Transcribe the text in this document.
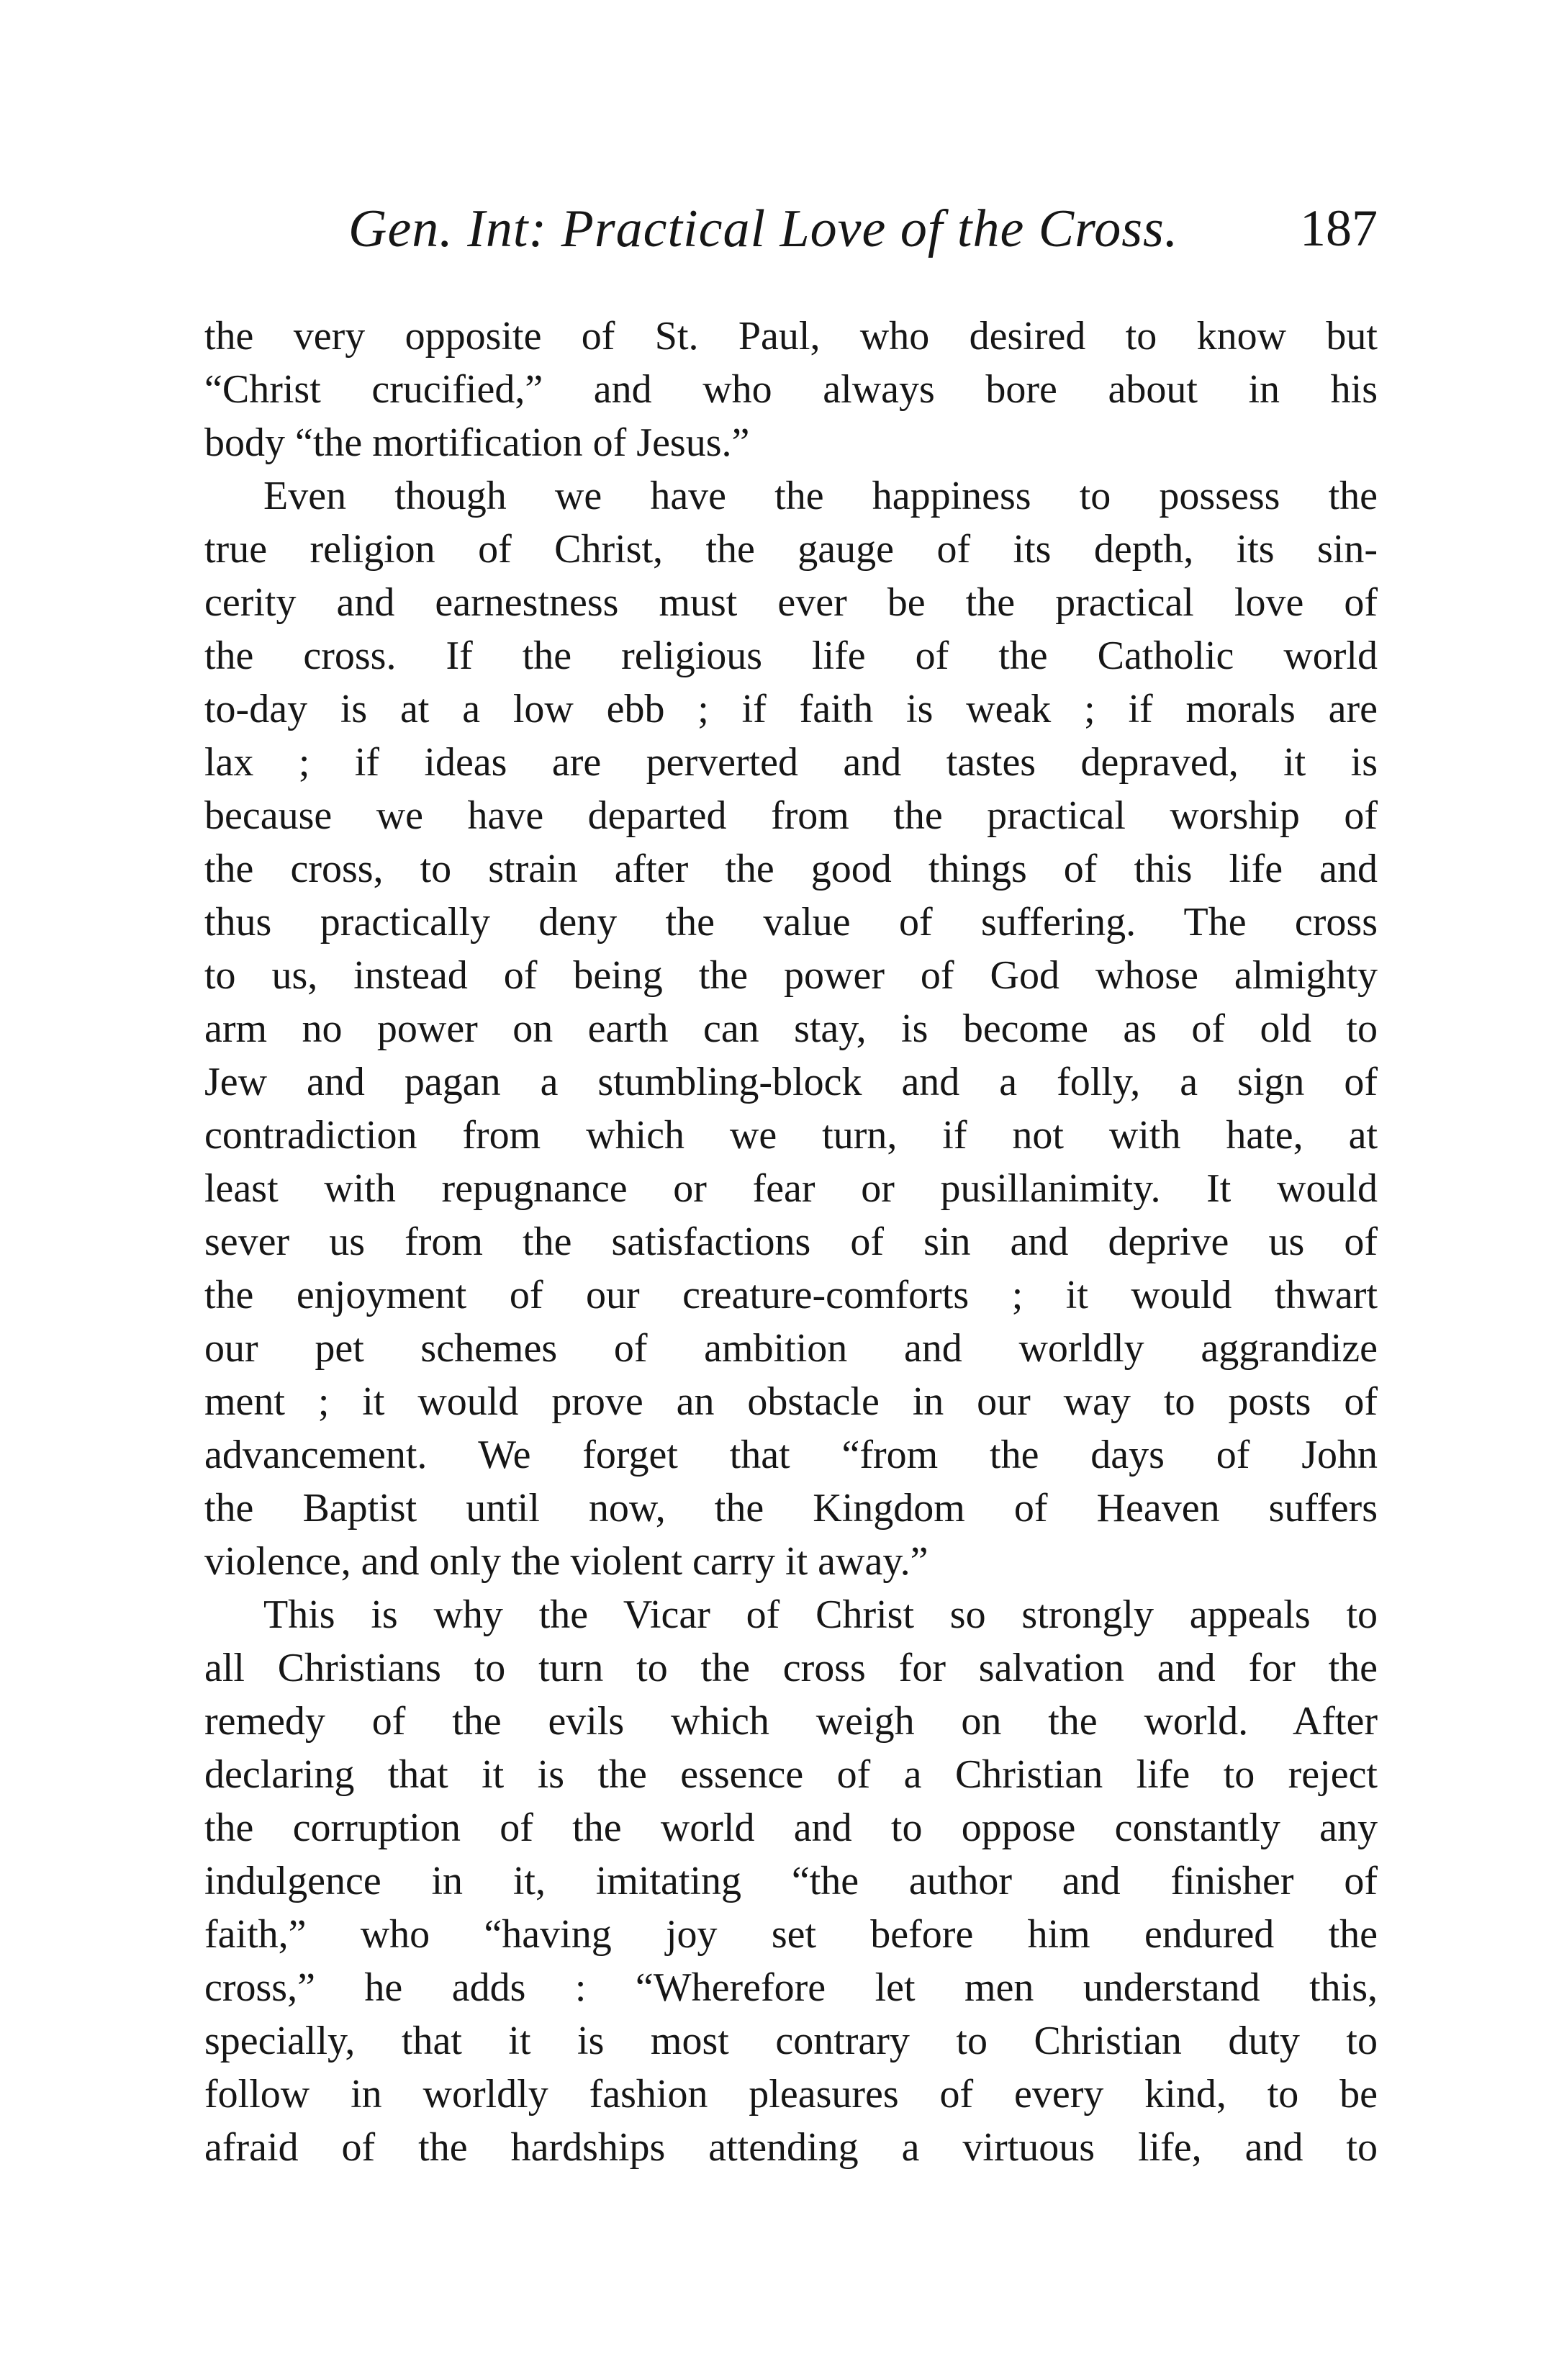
Gen. Int: Practical Love of the Cross. 187
the very opposite of St. Paul, who desired to know but
“Christ crucified,” and who always bore about in his
body “the mortification of Jesus.”
Even though we have the happiness to possess the
true religion of Christ, the gauge of its depth, its sin-
cerity and earnestness must ever be the practical love of
the cross. If the religious life of the Catholic world
to-day is at a low ebb ; if faith is weak ; if morals are
lax ; if ideas are perverted and tastes depraved, it is
because we have departed from the practical worship of
the cross, to strain after the good things of this life and
thus practically deny the value of suffering. The cross
to us, instead of being the power of God whose almighty
arm no power on earth can stay, is become as of old to
Jew and pagan a stumbling-block and a folly, a sign of
contradiction from which we turn, if not with hate, at
least with repugnance or fear or pusillanimity. It would
sever us from the satisfactions of sin and deprive us of
the enjoyment of our creature-comforts ; it would thwart
our pet schemes of ambition and worldly aggrandize
ment ; it would prove an obstacle in our way to posts of
advancement. We forget that “from the days of John
the Baptist until now, the Kingdom of Heaven suffers
violence, and only the violent carry it away.”
This is why the Vicar of Christ so strongly appeals to
all Christians to turn to the cross for salvation and for the
remedy of the evils which weigh on the world. After
declaring that it is the essence of a Christian life to reject
the corruption of the world and to oppose constantly any
indulgence in it, imitating “the author and finisher of
faith,” who “having joy set before him endured the
cross,” he adds : “Wherefore let men understand this,
specially, that it is most contrary to Christian duty to
follow in worldly fashion pleasures of every kind, to be
afraid of the hardships attending a virtuous life, and to
